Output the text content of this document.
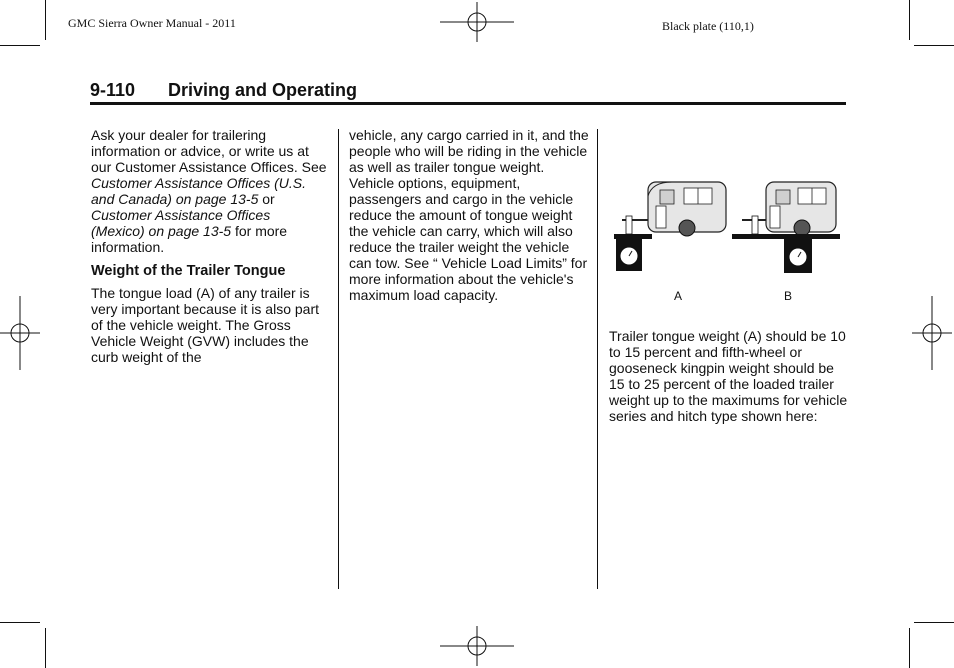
GMC Sierra Owner Manual - 2011	Black plate (110,1)
9-110 Driving and Operating

Ask your dealer for trailering information or advice, or write us at our Customer Assistance Offices. See Customer Assistance Offices (U.S. and Canada) on page 13-5 or Customer Assistance Offices (Mexico) on page 13-5 for more information.

Weight of the Trailer Tongue

The tongue load (A) of any trailer is very important because it is also part of the vehicle weight. The Gross Vehicle Weight (GVW) includes the curb weight of the

vehicle, any cargo carried in it, and the people who will be riding in the vehicle as well as trailer tongue weight. Vehicle options, equipment, passengers and cargo in the vehicle reduce the amount of tongue weight the vehicle can carry, which will also reduce the trailer weight the vehicle can tow. See “ Vehicle Load Limits” for more information about the vehicle's maximum load capacity.	A	B

Trailer tongue weight (A) should be 10 to 15 percent and fifth-wheel or gooseneck kingpin weight should be 15 to 25 percent of the loaded trailer weight up to the maximums for vehicle series and hitch type shown here:
